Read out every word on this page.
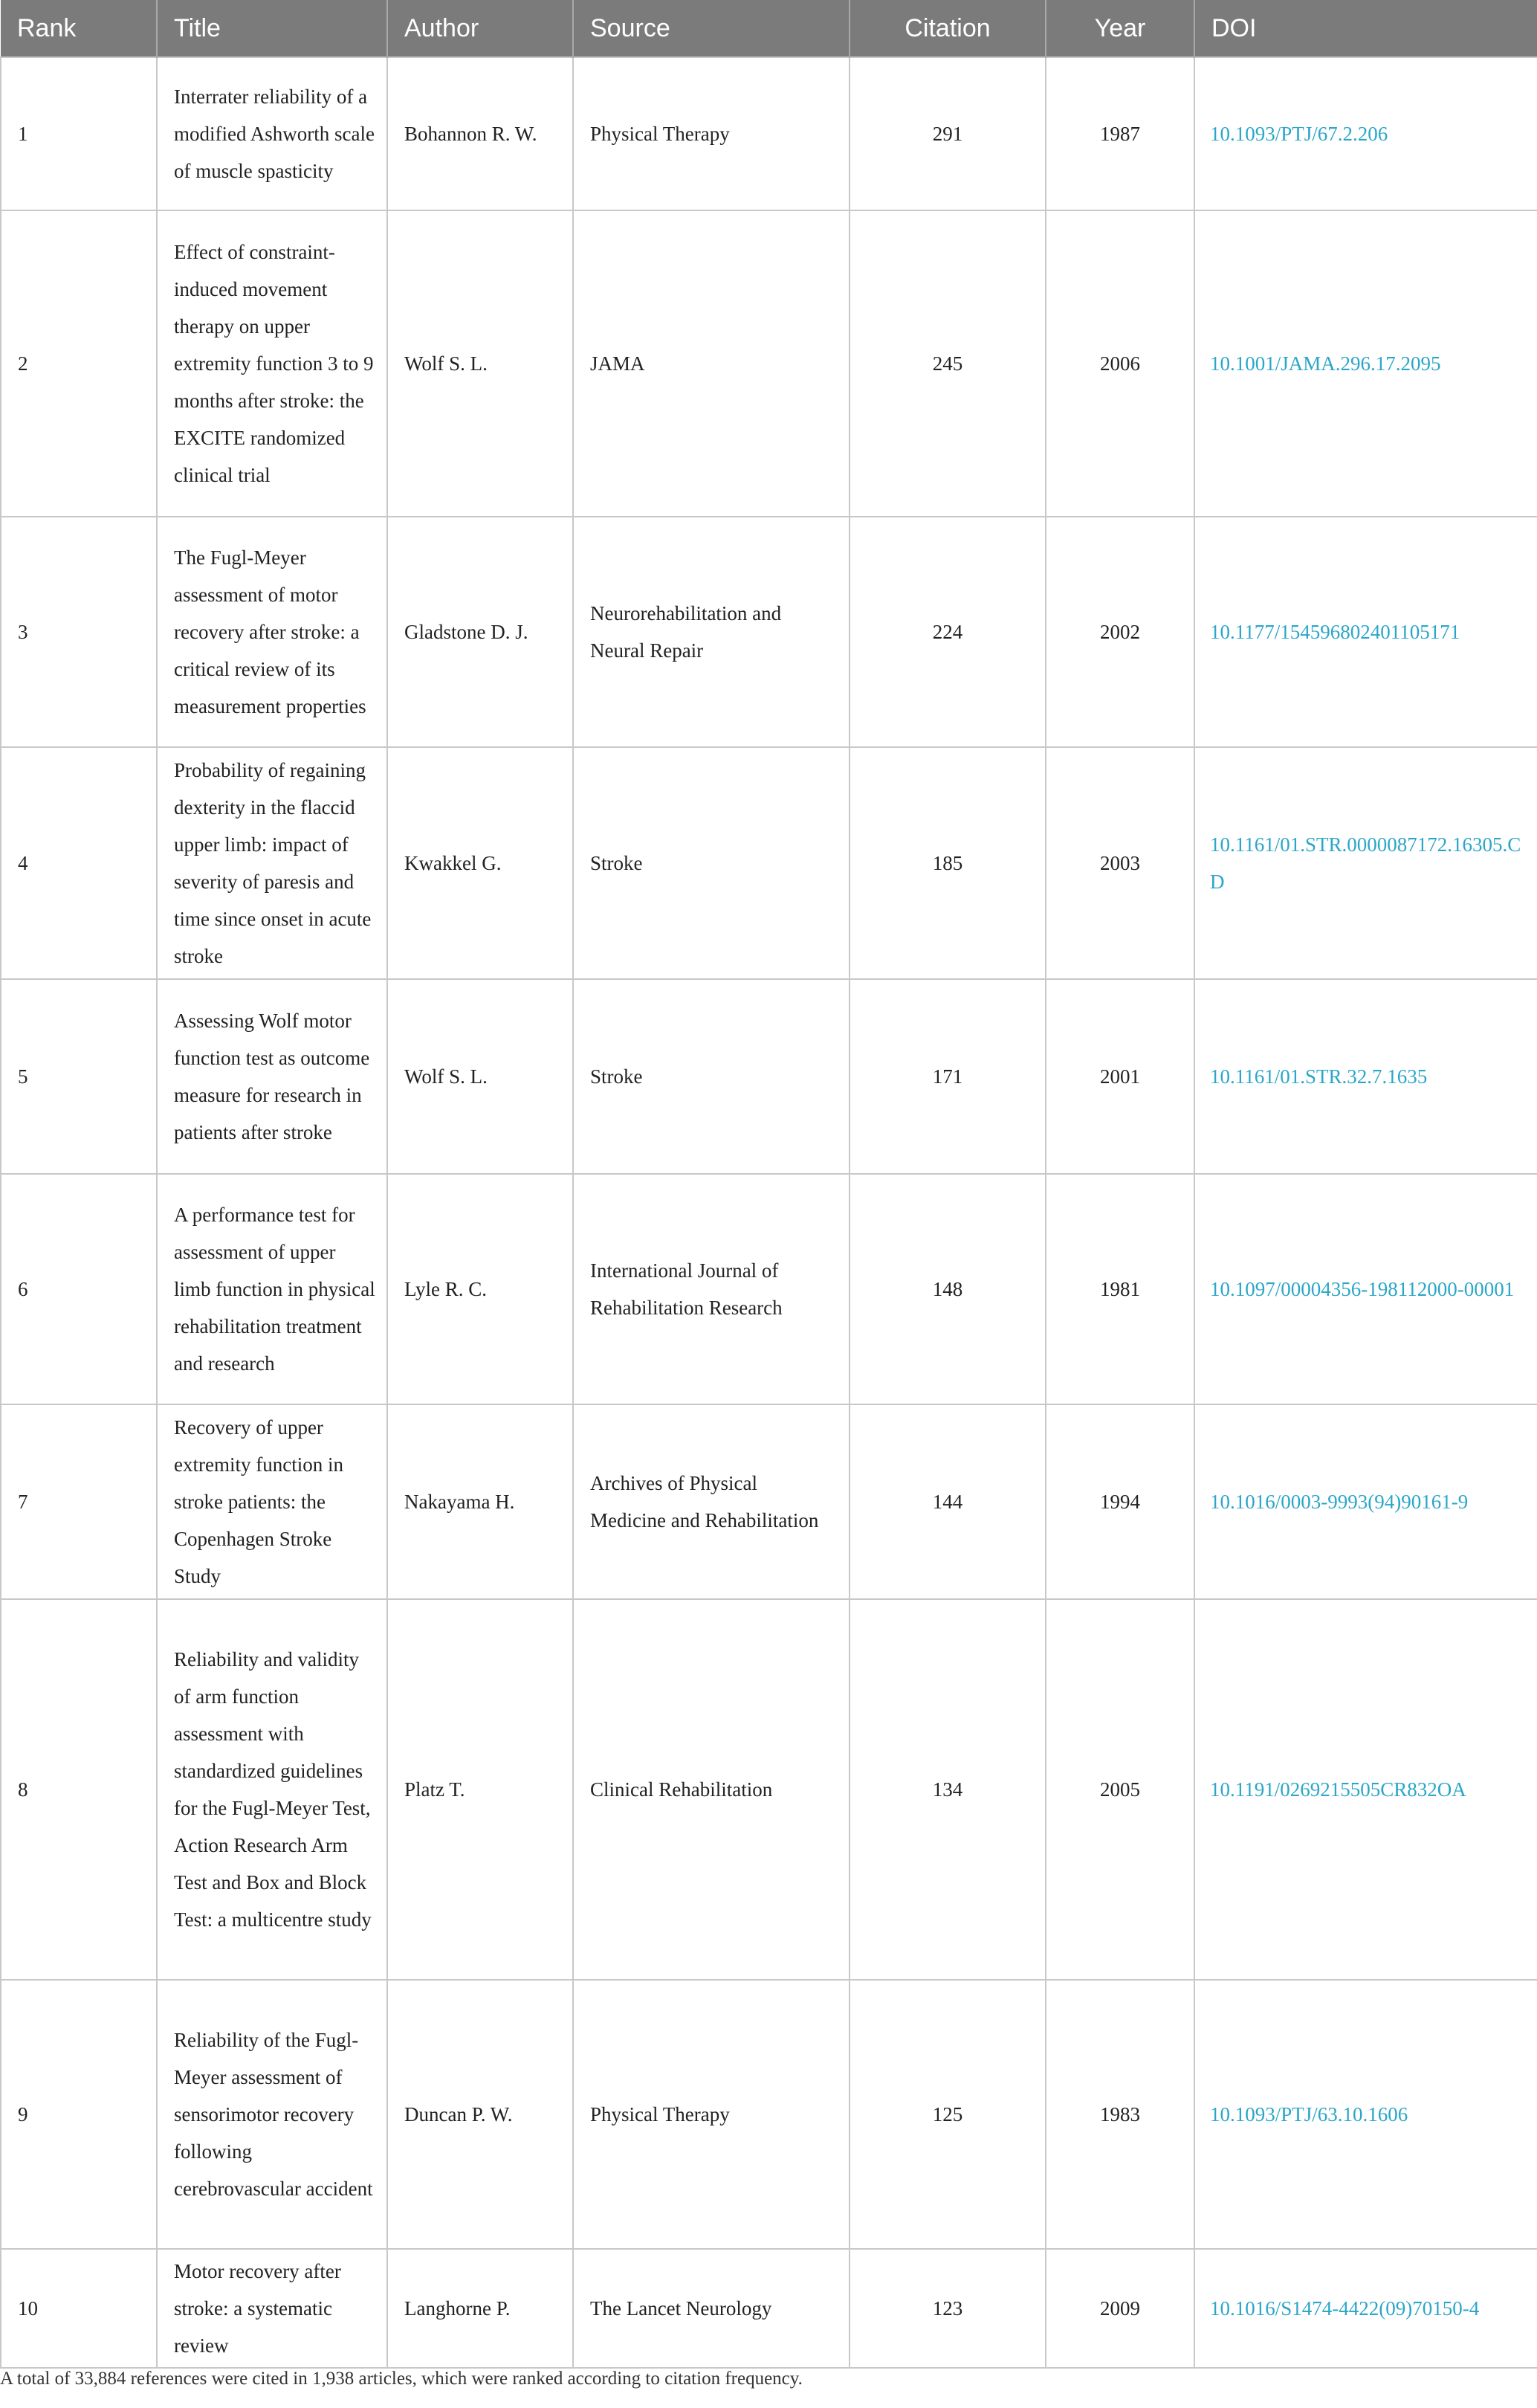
Rank	Title	Author	Source	Citation	Year	DOI
1	Interrater reliability of a modified Ashworth scale of muscle spasticity	Bohannon R. W.	Physical Therapy	291	1987	10.1093/PTJ/67.2.206
2	Effect of constraint-induced movement therapy on upper extremity function 3 to 9 months after stroke: the EXCITE randomized clinical trial	Wolf S. L.	JAMA	245	2006	10.1001/JAMA.296.17.2095
3	The Fugl-Meyer assessment of motor recovery after stroke: a critical review of its measurement properties	Gladstone D. J.	Neurorehabilitation and Neural Repair	224	2002	10.1177/154596802401105171
4	Probability of regaining dexterity in the flaccid upper limb: impact of severity of paresis and time since onset in acute stroke	Kwakkel G.	Stroke	185	2003	10.1161/01.STR.0000087172.16305.CD
5	Assessing Wolf motor function test as outcome measure for research in patients after stroke	Wolf S. L.	Stroke	171	2001	10.1161/01.STR.32.7.1635
6	A performance test for assessment of upper limb function in physical rehabilitation treatment and research	Lyle R. C.	International Journal of Rehabilitation Research	148	1981	10.1097/00004356-198112000-00001
7	Recovery of upper extremity function in stroke patients: the Copenhagen Stroke Study	Nakayama H.	Archives of Physical Medicine and Rehabilitation	144	1994	10.1016/0003-9993(94)90161-9
8	Reliability and validity of arm function assessment with standardized guidelines for the Fugl-Meyer Test, Action Research Arm Test and Box and Block Test: a multicentre study	Platz T.	Clinical Rehabilitation	134	2005	10.1191/0269215505CR832OA
9	Reliability of the Fugl-Meyer assessment of sensorimotor recovery following cerebrovascular accident	Duncan P. W.	Physical Therapy	125	1983	10.1093/PTJ/63.10.1606
10	Motor recovery after stroke: a systematic review	Langhorne P.	The Lancet Neurology	123	2009	10.1016/S1474-4422(09)70150-4
A total of 33,884 references were cited in 1,938 articles, which were ranked according to citation frequency.
